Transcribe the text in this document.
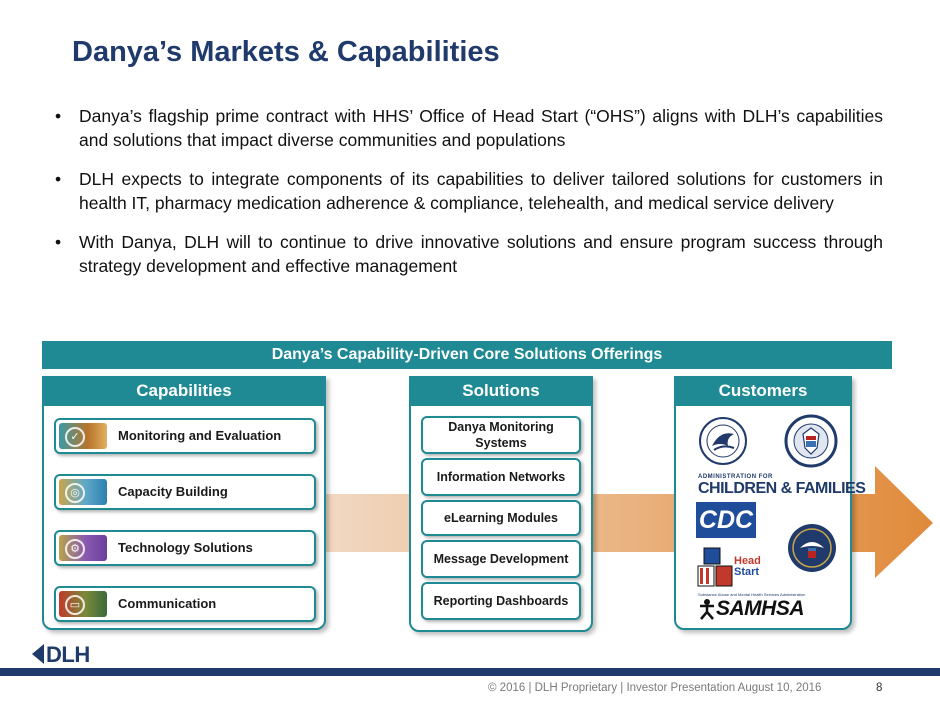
Danya’s Markets & Capabilities
• Danya’s flagship prime contract with HHS’ Office of Head Start (“OHS”) aligns with DLH’s capabilities and solutions that impact diverse communities and populations
• DLH expects to integrate components of its capabilities to deliver tailored solutions for customers in health IT, pharmacy medication adherence & compliance, telehealth, and medical service delivery
• With Danya, DLH will to continue to drive innovative solutions and ensure program success through strategy development and effective management
Danya’s Capability-Driven Core Solutions Offerings
Capabilities
✓	Monitoring and Evaluation
◎	Capacity Building
⚙	Technology Solutions
▭	Communication
Solutions
Danya Monitoring Systems
Information Networks
eLearning Modules
Message Development
Reporting Dashboards
Customers
ADMINISTRATION FOR
CHILDREN & FAMILIES
CDC
Head
Start
Substance Abuse and Mental Health Services Administration
SAMHSA
DLH
© 2016 | DLH Proprietary | Investor Presentation August 10, 2016	8
